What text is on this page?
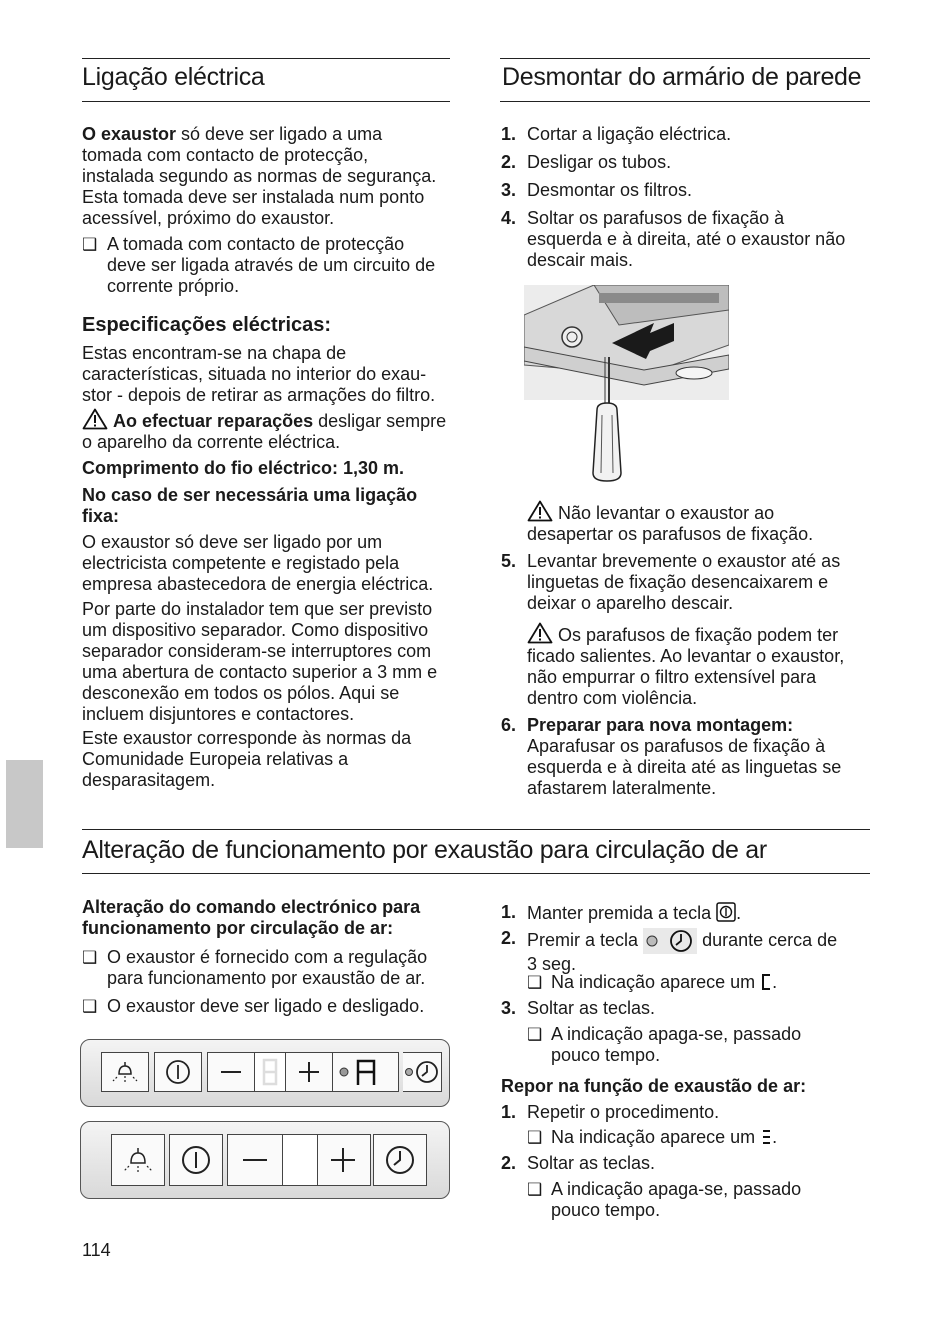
Ligação eléctrica
O exaustor só deve ser ligado a uma
tomada com contacto de protecção,
instalada segundo as normas de segurança.
Esta tomada deve ser instalada num ponto
acessível, próximo do exaustor.
❑ A tomada com contacto de protecção
deve ser ligada através de um circuito de
corrente próprio.
Especificações eléctricas:
Estas encontram-se na chapa de
características, situada no interior do exau-
stor - depois de retirar as armações do filtro.
Ao efectuar reparações desligar sempre
o aparelho da corrente eléctrica.
Comprimento do fio eléctrico: 1,30 m.
No caso de ser necessária uma ligação
fixa:
O exaustor só deve ser ligado por um
electricista competente e registado pela
empresa abastecedora de energia eléctrica.
Por parte do instalador tem que ser previsto
um dispositivo separador. Como dispositivo
separador consideram-se interruptores com
uma abertura de contacto superior a 3 mm e
desconexão em todos os pólos. Aqui se
incluem disjuntores e contactores.
Este exaustor corresponde às normas da
Comunidade Europeia relativas a
desparasitagem.
Desmontar do armário de parede
1. Cortar a ligação eléctrica.
2. Desligar os tubos.
3. Desmontar os filtros.
4. Soltar os parafusos de fixação à
esquerda e à direita, até o exaustor não
descair mais.
Não levantar o exaustor ao
desapertar os parafusos de fixação.
5. Levantar brevemente o exaustor até as
linguetas de fixação desencaixarem e
deixar o aparelho descair.
Os parafusos de fixação podem ter
ficado salientes. Ao levantar o exaustor,
não empurrar o filtro extensível para
dentro com violência.
6. Preparar para nova montagem:
Aparafusar os parafusos de fixação à
esquerda e à direita até as linguetas se
afastarem lateralmente.
Alteração de funcionamento por exaustão para circulação de ar
Alteração do comando electrónico para
funcionamento por circulação de ar:
❑ O exaustor é fornecido com a regulação
para funcionamento por exaustão de ar.
❑ O exaustor deve ser ligado e desligado.
1. Manter premida a tecla .
2. Premir a tecla	durante cerca de
3 seg.
❑ Na indicação aparece um .
3. Soltar as teclas.
❑ A indicação apaga-se, passado
pouco tempo.
Repor na função de exaustão de ar:
1. Repetir o procedimento.
❑ Na indicação aparece um .
2. Soltar as teclas.
❑ A indicação apaga-se, passado
pouco tempo.
114
